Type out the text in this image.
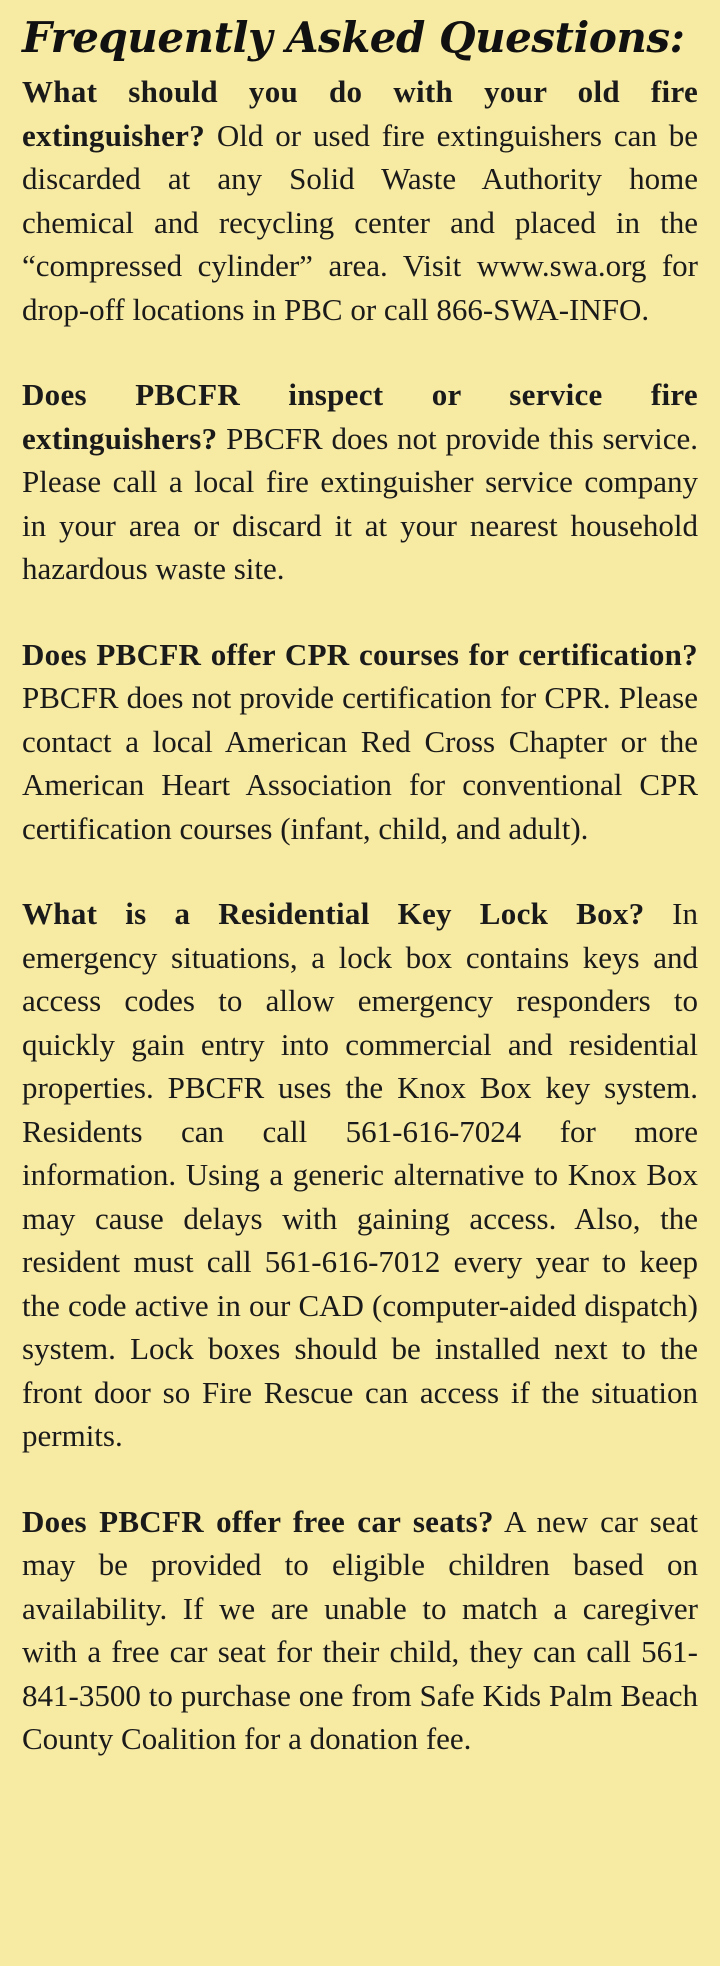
Frequently Asked Questions:

What should you do with your old fire extinguisher? Old or used fire extinguishers can be discarded at any Solid Waste Authority home chemical and recycling center and placed in the “compressed cylinder” area. Visit www.swa.org for drop-off locations in PBC or call 866-SWA-INFO.

Does PBCFR inspect or service fire extinguishers? PBCFR does not provide this service. Please call a local fire extinguisher service company in your area or discard it at your nearest household hazardous waste site.

Does PBCFR offer CPR courses for certification? PBCFR does not provide certification for CPR. Please contact a local American Red Cross Chapter or the American Heart Association for conventional CPR certification courses (infant, child, and adult).

What is a Residential Key Lock Box? In emergency situations, a lock box contains keys and access codes to allow emergency responders to quickly gain entry into commercial and residential properties. PBCFR uses the Knox Box key system. Residents can call 561-616-7024 for more information. Using a generic alternative to Knox Box may cause delays with gaining access. Also, the resident must call 561-616-7012 every year to keep the code active in our CAD (computer-aided dispatch) system. Lock boxes should be installed next to the front door so Fire Rescue can access if the situation permits.

Does PBCFR offer free car seats? A new car seat may be provided to eligible children based on availability. If we are unable to match a caregiver with a free car seat for their child, they can call 561-841-3500 to purchase one from Safe Kids Palm Beach County Coalition for a donation fee.
